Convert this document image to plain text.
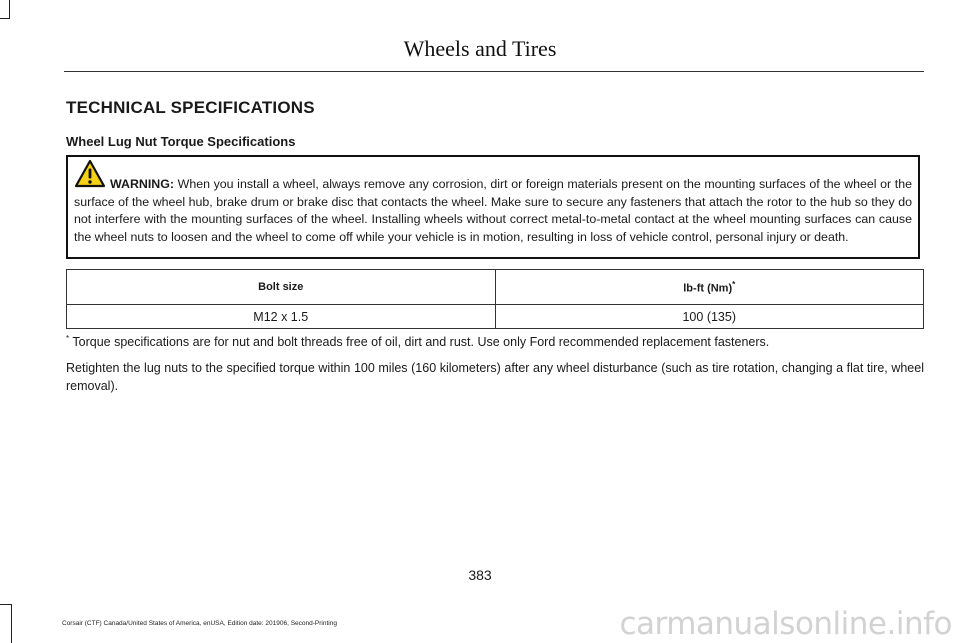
Wheels and Tires
TECHNICAL SPECIFICATIONS
Wheel Lug Nut Torque Specifications

WARNING: When you install a wheel, always remove any corrosion, dirt or foreign materials present on the mounting surfaces of the wheel or the surface of the wheel hub, brake drum or brake disc that contacts the wheel. Make sure to secure any fasteners that attach the rotor to the hub so they do not interfere with the mounting surfaces of the wheel. Installing wheels without correct metal-to-metal contact at the wheel mounting surfaces can cause the wheel nuts to loosen and the wheel to come off while your vehicle is in motion, resulting in loss of vehicle control, personal injury or death.

Bolt size	lb-ft (Nm)*
M12 x 1.5	100 (135)
* Torque specifications are for nut and bolt threads free of oil, dirt and rust. Use only Ford recommended replacement fasteners.

Retighten the lug nuts to the specified torque within 100 miles (160 kilometers) after any wheel disturbance (such as tire rotation, changing a flat tire, wheel removal).

383
Corsair (CTF) Canada/United States of America, enUSA, Edition date: 201906, Second-Printing	carmanualsonline.info
